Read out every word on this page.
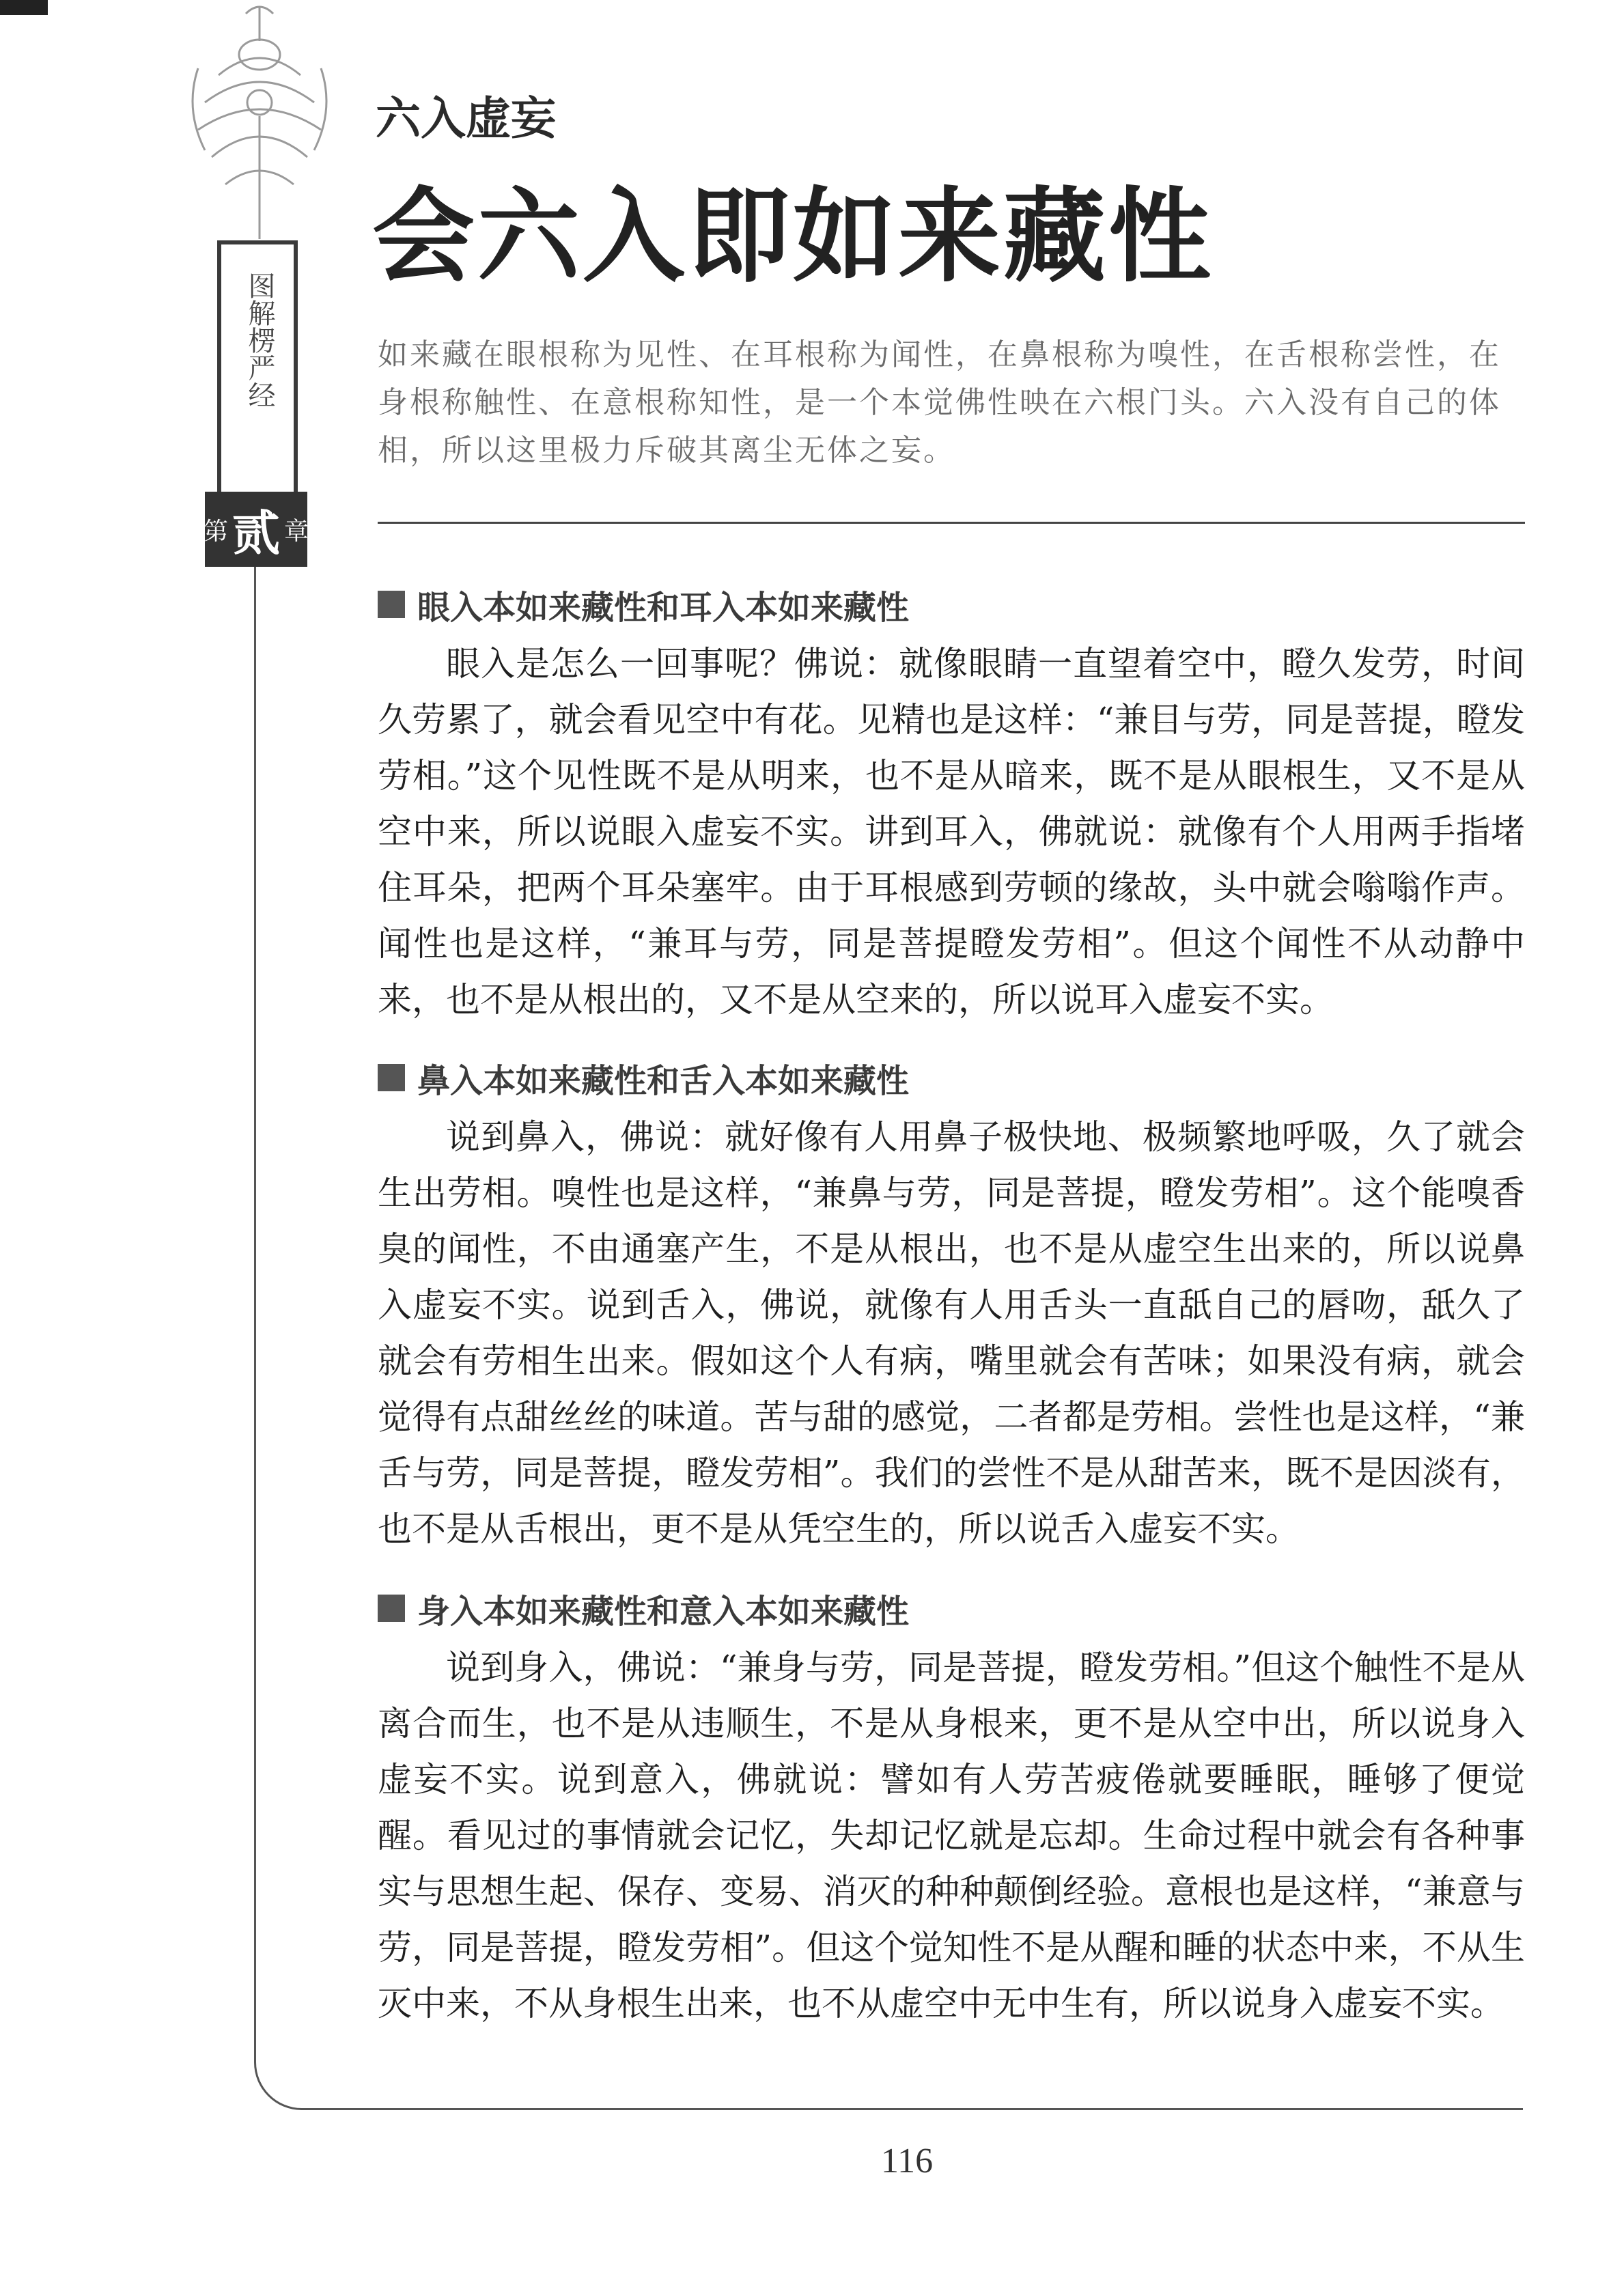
图解楞严经
第 贰 章
六入虚妄
会六入即如来藏性
如来藏在眼根称为见性、在耳根称为闻性，在鼻根称为嗅性，在舌根称尝性，在身根称触性、在意根称知性，是一个本觉佛性映在六根门头。六入没有自己的体相，所以这里极力斥破其离尘无体之妄。
眼入本如来藏性和耳入本如来藏性

眼入是怎么一回事呢？佛说：就像眼睛一直望着空中，瞪久发劳，时间久劳累了，就会看见空中有花。见精也是这样：“兼目与劳，同是菩提，瞪发劳相。”这个见性既不是从明来，也不是从暗来，既不是从眼根生，又不是从空中来，所以说眼入虚妄不实。讲到耳入，佛就说：就像有个人用两手指堵住耳朵，把两个耳朵塞牢。由于耳根感到劳顿的缘故，头中就会嗡嗡作声。闻性也是这样，“兼耳与劳，同是菩提瞪发劳相”。但这个闻性不从动静中来，也不是从根出的，又不是从空来的，所以说耳入虚妄不实。

鼻入本如来藏性和舌入本如来藏性

说到鼻入，佛说：就好像有人用鼻子极快地、极频繁地呼吸，久了就会生出劳相。嗅性也是这样，“兼鼻与劳，同是菩提，瞪发劳相”。这个能嗅香臭的闻性，不由通塞产生，不是从根出，也不是从虚空生出来的，所以说鼻入虚妄不实。说到舌入，佛说，就像有人用舌头一直舐自己的唇吻，舐久了就会有劳相生出来。假如这个人有病，嘴里就会有苦味；如果没有病，就会觉得有点甜丝丝的味道。苦与甜的感觉，二者都是劳相。尝性也是这样，“兼舌与劳，同是菩提，瞪发劳相”。我们的尝性不是从甜苦来，既不是因淡有，也不是从舌根出，更不是从凭空生的，所以说舌入虚妄不实。

身入本如来藏性和意入本如来藏性

说到身入，佛说：“兼身与劳，同是菩提，瞪发劳相。”但这个触性不是从离合而生，也不是从违顺生，不是从身根来，更不是从空中出，所以说身入虚妄不实。说到意入，佛就说：譬如有人劳苦疲倦就要睡眠，睡够了便觉醒。看见过的事情就会记忆，失却记忆就是忘却。生命过程中就会有各种事实与思想生起、保存、变易、消灭的种种颠倒经验。意根也是这样，“兼意与劳，同是菩提，瞪发劳相”。但这个觉知性不是从醒和睡的状态中来，不从生灭中来，不从身根生出来，也不从虚空中无中生有，所以说身入虚妄不实。

116
